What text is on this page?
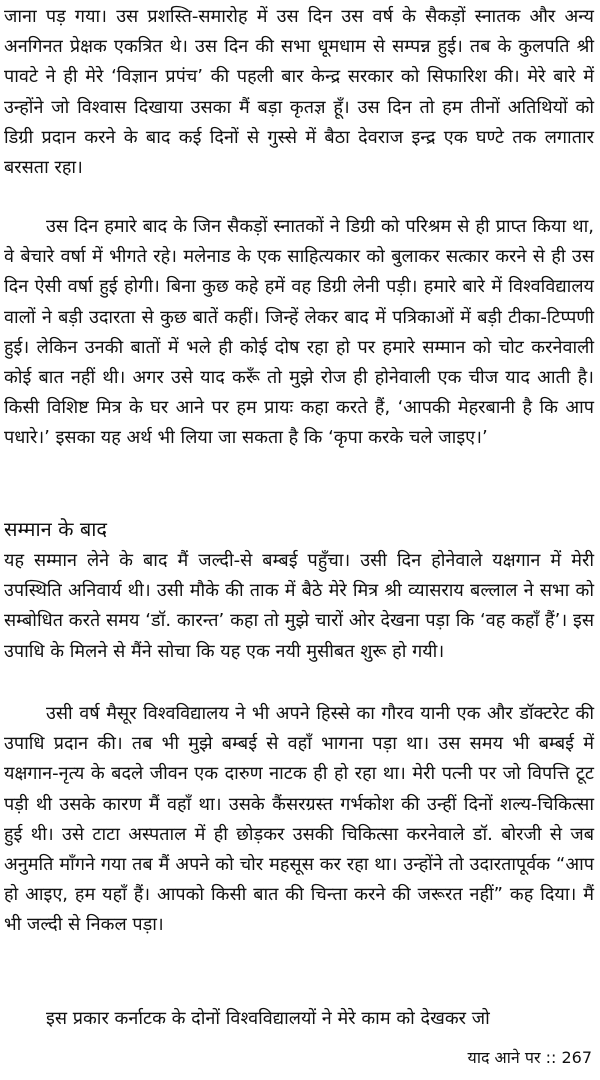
जाना पड़ गया। उस प्रशस्ति-समारोह में उस दिन उस वर्ष के सैकड़ों स्नातक और अन्य अनगिनत प्रेक्षक एकत्रित थे। उस दिन की सभा धूमधाम से सम्पन्न हुई। तब के कुलपति श्री पावटे ने ही मेरे ‘विज्ञान प्रपंच’ की पहली बार केन्द्र सरकार को सिफारिश की। मेरे बारे में उन्होंने जो विश्वास दिखाया उसका मैं बड़ा कृतज्ञ हूँ। उस दिन तो हम तीनों अतिथियों को डिग्री प्रदान करने के बाद कई दिनों से गुस्से में बैठा देवराज इन्द्र एक घण्टे तक लगातार बरसता रहा।

उस दिन हमारे बाद के जिन सैकड़ों स्नातकों ने डिग्री को परिश्रम से ही प्राप्त किया था, वे बेचारे वर्षा में भीगते रहे। मलेनाड के एक साहित्यकार को बुलाकर सत्कार करने से ही उस दिन ऐसी वर्षा हुई होगी। बिना कुछ कहे हमें वह डिग्री लेनी पड़ी। हमारे बारे में विश्वविद्यालय वालों ने बड़ी उदारता से कुछ बातें कहीं। जिन्हें लेकर बाद में पत्रिकाओं में बड़ी टीका-टिप्पणी हुई। लेकिन उनकी बातों में भले ही कोई दोष रहा हो पर हमारे सम्मान को चोट करनेवाली कोई बात नहीं थी। अगर उसे याद करूँ तो मुझे रोज ही होनेवाली एक चीज याद आती है। किसी विशिष्ट मित्र के घर आने पर हम प्रायः कहा करते हैं, ‘आपकी मेहरबानी है कि आप पधारे।’ इसका यह अर्थ भी लिया जा सकता है कि ‘कृपा करके चले जाइए।’

सम्मान के बाद

यह सम्मान लेने के बाद मैं जल्दी-से बम्बई पहुँचा। उसी दिन होनेवाले यक्षगान में मेरी उपस्थिति अनिवार्य थी। उसी मौके की ताक में बैठे मेरे मित्र श्री व्यासराय बल्लाल ने सभा को सम्बोधित करते समय ‘डॉ. कारन्त’ कहा तो मुझे चारों ओर देखना पड़ा कि ‘वह कहाँ हैं’। इस उपाधि के मिलने से मैंने सोचा कि यह एक नयी मुसीबत शुरू हो गयी।

उसी वर्ष मैसूर विश्वविद्यालय ने भी अपने हिस्से का गौरव यानी एक और डॉक्टरेट की उपाधि प्रदान की। तब भी मुझे बम्बई से वहाँ भागना पड़ा था। उस समय भी बम्बई में यक्षगान-नृत्य के बदले जीवन एक दारुण नाटक ही हो रहा था। मेरी पत्नी पर जो विपत्ति टूट पड़ी थी उसके कारण मैं वहाँ था। उसके कैंसरग्रस्त गर्भकोश की उन्हीं दिनों शल्य-चिकित्सा हुई थी। उसे टाटा अस्पताल में ही छोड़कर उसकी चिकित्सा करनेवाले डॉ. बोरजी से जब अनुमति माँगने गया तब मैं अपने को चोर महसूस कर रहा था। उन्होंने तो उदारतापूर्वक “आप हो आइए, हम यहाँ हैं। आपको किसी बात की चिन्ता करने की जरूरत नहीं” कह दिया। मैं भी जल्दी से निकल पड़ा।

इस प्रकार कर्नाटक के दोनों विश्वविद्यालयों ने मेरे काम को देखकर जो

याद आने पर :: 267
